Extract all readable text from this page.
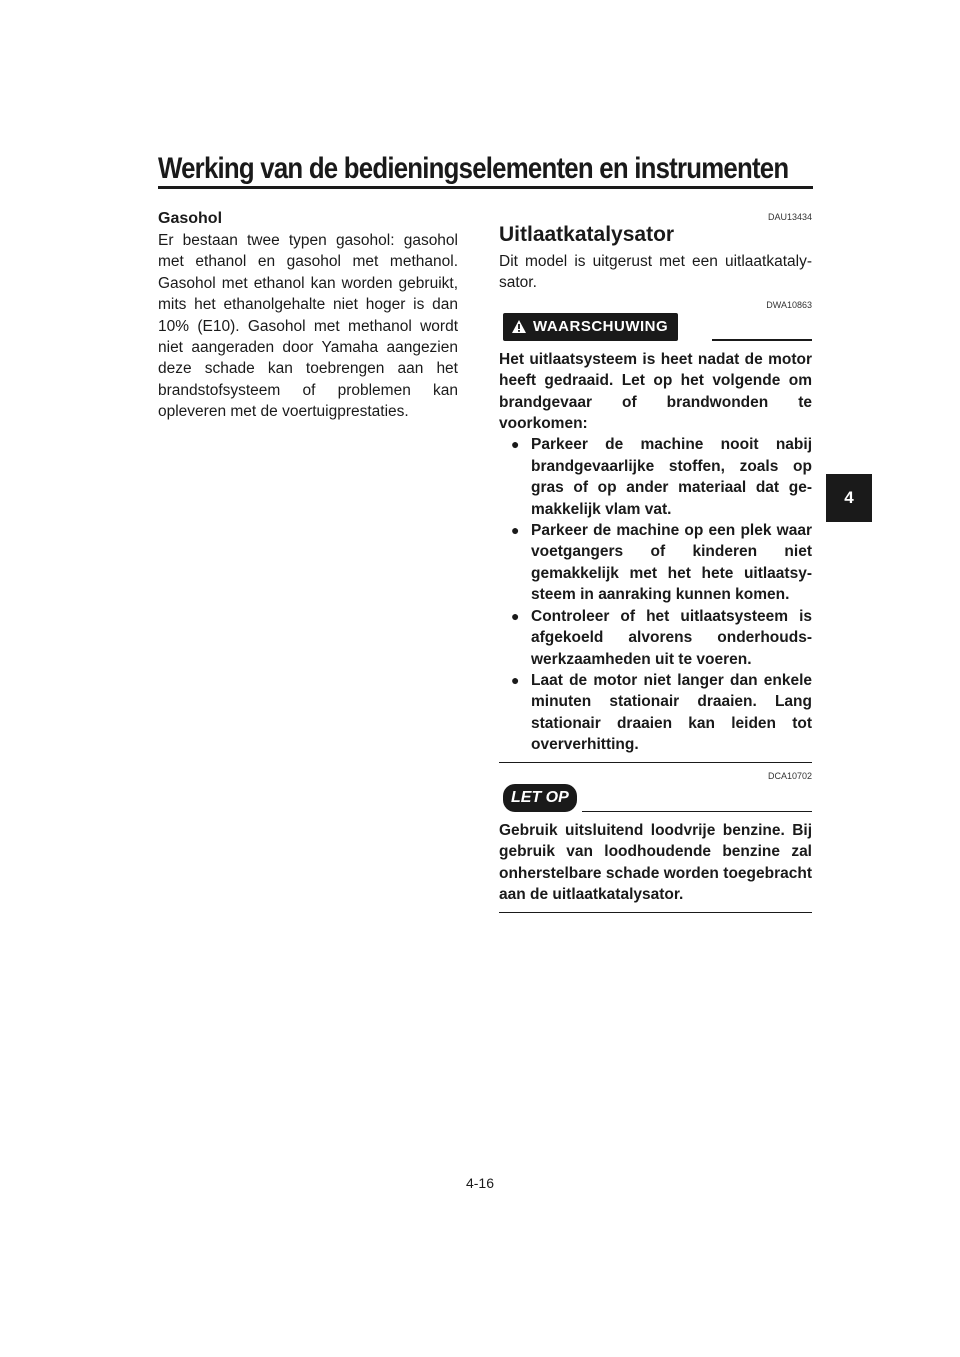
Werking van de bedieningselementen en instrumenten
4

Gasohol

Er bestaan twee typen gasohol: gasohol met ethanol en gasohol met methanol. Gasohol met ethanol kan worden gebruikt, mits het ethanolgehalte niet hoger is dan 10% (E10). Gasohol met methanol wordt niet aangeraden door Yamaha aangezien deze schade kan toebrengen aan het brandstofsysteem of problemen kan opleveren met de voertuigprestaties.

DAU13434

Uitlaatkatalysator

Dit model is uitgerust met een uitlaatkatalysator.

DWA10863
WAARSCHUWING

Het uitlaatsysteem is heet nadat de motor heeft gedraaid. Let op het volgende om brandgevaar of brandwonden te voorkomen:

● Parkeer de machine nooit nabij brandgevaarlijke stoffen, zoals op gras of op ander materiaal dat gemakkelijk vlam vat.
● Parkeer de machine op een plek waar voetgangers of kinderen niet gemakkelijk met het hete uitlaatsysteem in aanraking kunnen komen.
● Controleer of het uitlaatsysteem is afgekoeld alvorens onderhoudswerkzaamheden uit te voeren.
● Laat de motor niet langer dan enkele minuten stationair draaien. Lang stationair draaien kan leiden tot oververhitting.
DCA10702
LET OP

Gebruik uitsluitend loodvrije benzine. Bij gebruik van loodhoudende benzine zal onherstelbare schade worden toegebracht aan de uitlaatkatalysator.

4-16
